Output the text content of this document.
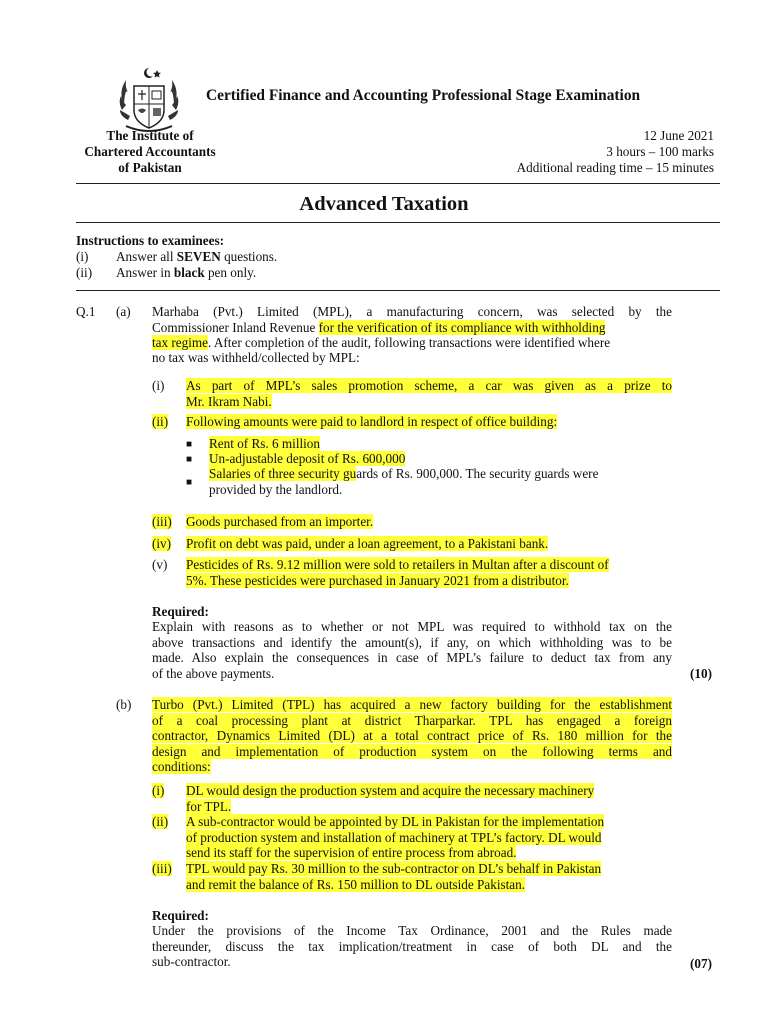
Certified Finance and Accounting Professional Stage Examination
The Institute of
Chartered Accountants
of Pakistan
12 June 2021
3 hours – 100 marks
Additional reading time – 15 minutes
Advanced Taxation
Instructions to examinees:
(i) Answer all SEVEN questions.
(ii) Answer in black pen only.
Q.1 (a) Marhaba (Pvt.) Limited (MPL), a manufacturing concern, was selected by the
Commissioner Inland Revenue for the verification of its compliance with withholding
tax regime. After completion of the audit, following transactions were identified where
no tax was withheld/collected by MPL:
(i) As part of MPL’s sales promotion scheme, a car was given as a prize to
Mr. Ikram Nabi.
(ii) Following amounts were paid to landlord in respect of office building:
■ Rent of Rs. 6 million
■ Un-adjustable deposit of Rs. 600,000
■
Salaries of three security guards of Rs. 900,000. The security guards were
provided by the landlord.
(iii) Goods purchased from an importer.
(iv) Profit on debt was paid, under a loan agreement, to a Pakistani bank.
(v) Pesticides of Rs. 9.12 million were sold to retailers in Multan after a discount of
5%. These pesticides were purchased in January 2021 from a distributor.
Required:
Explain with reasons as to whether or not MPL was required to withhold tax on the
above transactions and identify the amount(s), if any, on which withholding was to be
made. Also explain the consequences in case of MPL’s failure to deduct tax from any
of the above payments.	(10)
(b) Turbo (Pvt.) Limited (TPL) has acquired a new factory building for the establishment
of a coal processing plant at district Tharparkar. TPL has engaged a foreign
contractor, Dynamics Limited (DL) at a total contract price of Rs. 180 million for the
design and implementation of production system on the following terms and
conditions:
(i) DL would design the production system and acquire the necessary machinery
for TPL.
(ii) A sub-contractor would be appointed by DL in Pakistan for the implementation
of production system and installation of machinery at TPL’s factory. DL would
send its staff for the supervision of entire process from abroad.
(iii) TPL would pay Rs. 30 million to the sub-contractor on DL’s behalf in Pakistan
and remit the balance of Rs. 150 million to DL outside Pakistan.
Required:
Under the provisions of the Income Tax Ordinance, 2001 and the Rules made
thereunder, discuss the tax implication/treatment in case of both DL and the
sub-contractor.	(07)
